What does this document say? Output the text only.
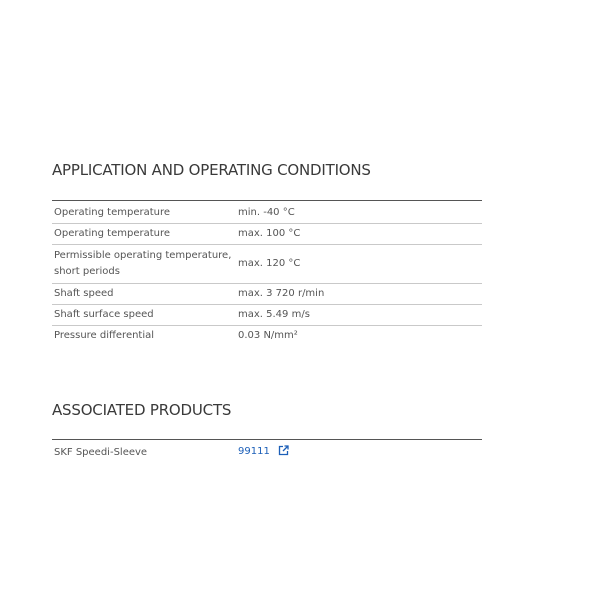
APPLICATION AND OPERATING CONDITIONS
Operating temperature	min. -40 °C
Operating temperature	max. 100 °C
Permissible operating temperature, short periods	max. 120 °C
Shaft speed	max. 3 720 r/min
Shaft surface speed	max. 5.49 m/s
Pressure differential	0.03 N/mm²
ASSOCIATED PRODUCTS
SKF Speedi-Sleeve	99111
